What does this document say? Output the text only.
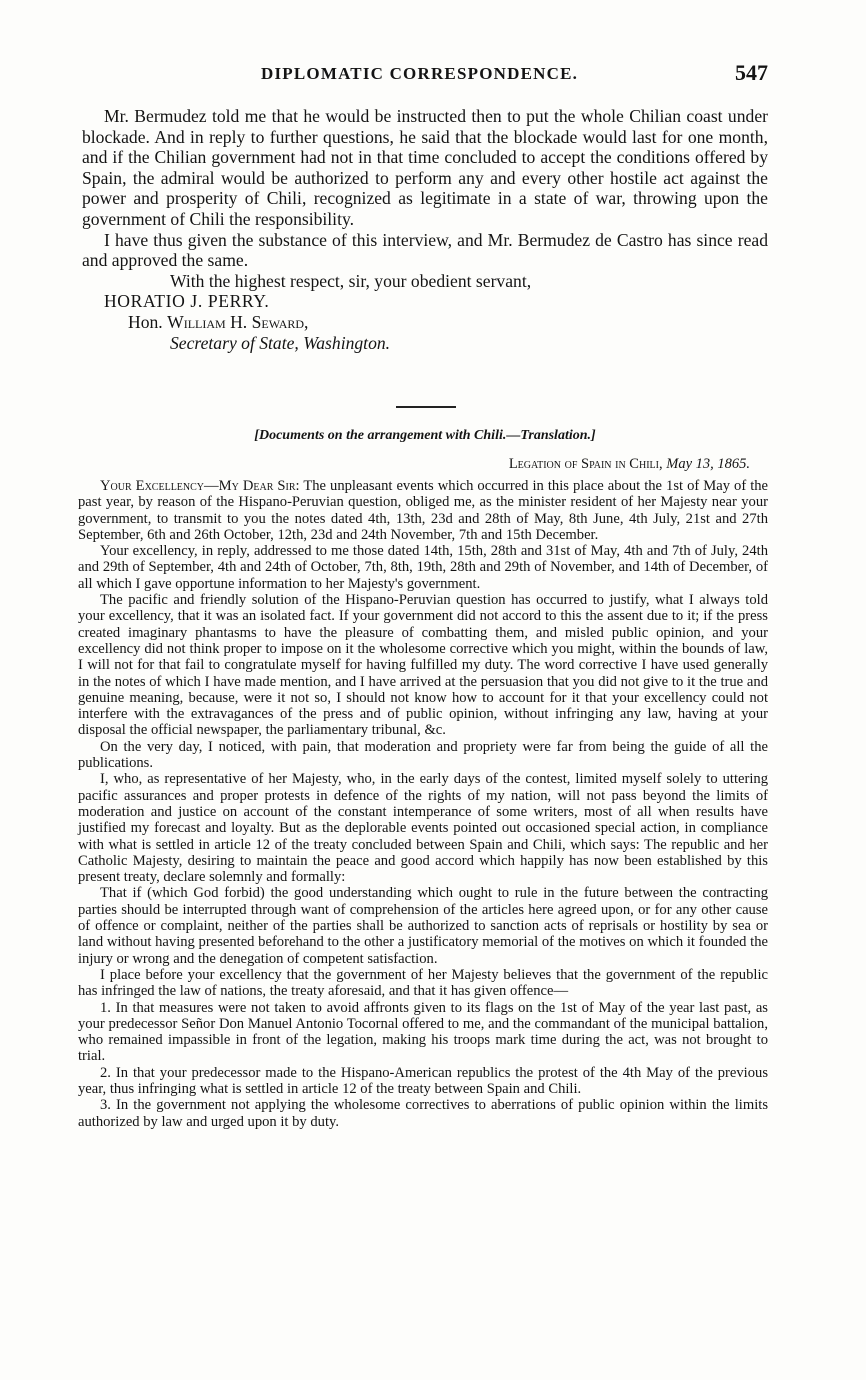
DIPLOMATIC CORRESPONDENCE.	547

Mr. Bermudez told me that he would be instructed then to put the whole Chilian coast under blockade. And in reply to further questions, he said that the blockade would last for one month, and if the Chilian government had not in that time concluded to accept the conditions offered by Spain, the admiral would be authorized to perform any and every other hostile act against the power and prosperity of Chili, recognized as legitimate in a state of war, throwing upon the government of Chili the responsibility.

I have thus given the substance of this interview, and Mr. Bermudez de Castro has since read and approved the same.

With the highest respect, sir, your obedient servant,

HORATIO J. PERRY.

Hon. William H. Seward,

Secretary of State, Washington.

[Documents on the arrangement with Chili.—Translation.]
Legation of Spain in Chili, May 13, 1865.

Your Excellency—My Dear Sir: The unpleasant events which occurred in this place about the 1st of May of the past year, by reason of the Hispano-Peruvian question, obliged me, as the minister resident of her Majesty near your government, to transmit to you the notes dated 4th, 13th, 23d and 28th of May, 8th June, 4th July, 21st and 27th September, 6th and 26th October, 12th, 23d and 24th November, 7th and 15th December.

Your excellency, in reply, addressed to me those dated 14th, 15th, 28th and 31st of May, 4th and 7th of July, 24th and 29th of September, 4th and 24th of October, 7th, 8th, 19th, 28th and 29th of November, and 14th of December, of all which I gave opportune information to her Majesty's government.

The pacific and friendly solution of the Hispano-Peruvian question has occurred to justify, what I always told your excellency, that it was an isolated fact. If your government did not accord to this the assent due to it; if the press created imaginary phantasms to have the pleasure of combatting them, and misled public opinion, and your excellency did not think proper to impose on it the wholesome corrective which you might, within the bounds of law, I will not for that fail to congratulate myself for having fulfilled my duty. The word corrective I have used generally in the notes of which I have made mention, and I have arrived at the persuasion that you did not give to it the true and genuine meaning, because, were it not so, I should not know how to account for it that your excellency could not interfere with the extravagances of the press and of public opinion, without infringing any law, having at your disposal the official newspaper, the parliamentary tribunal, &c.

On the very day, I noticed, with pain, that moderation and propriety were far from being the guide of all the publications.

I, who, as representative of her Majesty, who, in the early days of the contest, limited myself solely to uttering pacific assurances and proper protests in defence of the rights of my nation, will not pass beyond the limits of moderation and justice on account of the constant intemperance of some writers, most of all when results have justified my forecast and loyalty. But as the deplorable events pointed out occasioned special action, in compliance with what is settled in article 12 of the treaty concluded between Spain and Chili, which says: The republic and her Catholic Majesty, desiring to maintain the peace and good accord which happily has now been established by this present treaty, declare solemnly and formally:

That if (which God forbid) the good understanding which ought to rule in the future between the contracting parties should be interrupted through want of comprehension of the articles here agreed upon, or for any other cause of offence or complaint, neither of the parties shall be authorized to sanction acts of reprisals or hostility by sea or land without having presented beforehand to the other a justificatory memorial of the motives on which it founded the injury or wrong and the denegation of competent satisfaction.

I place before your excellency that the government of her Majesty believes that the government of the republic has infringed the law of nations, the treaty aforesaid, and that it has given offence—

1. In that measures were not taken to avoid affronts given to its flags on the 1st of May of the year last past, as your predecessor Señor Don Manuel Antonio Tocornal offered to me, and the commandant of the municipal battalion, who remained impassible in front of the legation, making his troops mark time during the act, was not brought to trial.

2. In that your predecessor made to the Hispano-American republics the protest of the 4th May of the previous year, thus infringing what is settled in article 12 of the treaty between Spain and Chili.

3. In the government not applying the wholesome correctives to aberrations of public opinion within the limits authorized by law and urged upon it by duty.
